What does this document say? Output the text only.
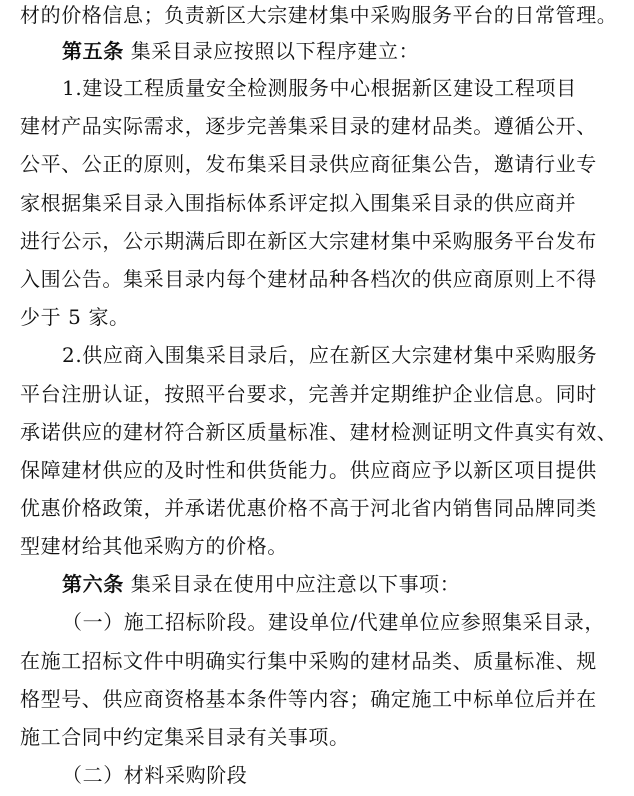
材的价格信息；负责新区大宗建材集中采购服务平台的日常管理。
第五条 集采目录应按照以下程序建立：
1.建设工程质量安全检测服务中心根据新区建设工程项目
建材产品实际需求，逐步完善集采目录的建材品类。遵循公开、
公平、公正的原则，发布集采目录供应商征集公告，邀请行业专
家根据集采目录入围指标体系评定拟入围集采目录的供应商并
进行公示，公示期满后即在新区大宗建材集中采购服务平台发布
入围公告。集采目录内每个建材品种各档次的供应商原则上不得
少于 5 家。
2.供应商入围集采目录后，应在新区大宗建材集中采购服务
平台注册认证，按照平台要求，完善并定期维护企业信息。同时
承诺供应的建材符合新区质量标准、建材检测证明文件真实有效、
保障建材供应的及时性和供货能力。供应商应予以新区项目提供
优惠价格政策，并承诺优惠价格不高于河北省内销售同品牌同类
型建材给其他采购方的价格。
第六条 集采目录在使用中应注意以下事项：
（一）施工招标阶段。建设单位/代建单位应参照集采目录，
在施工招标文件中明确实行集中采购的建材品类、质量标准、规
格型号、供应商资格基本条件等内容；确定施工中标单位后并在
施工合同中约定集采目录有关事项。
（二）材料采购阶段
